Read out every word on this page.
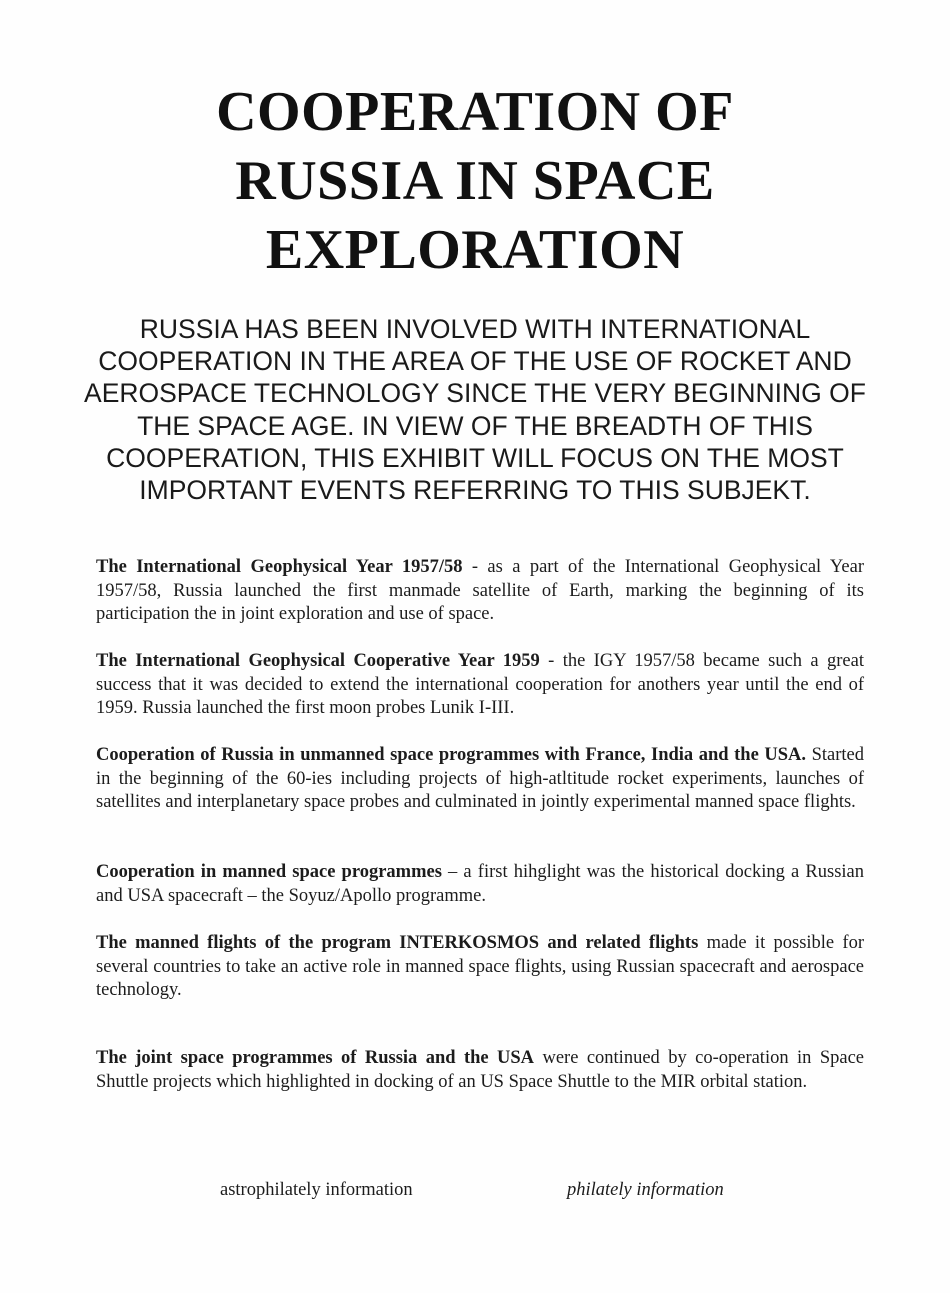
COOPERATION OF
RUSSIA IN SPACE
EXPLORATION

RUSSIA HAS BEEN INVOLVED WITH INTERNATIONAL COOPERATION IN THE AREA OF THE USE OF ROCKET AND AEROSPACE TECHNOLOGY SINCE THE VERY BEGINNING OF THE SPACE AGE. IN VIEW OF THE BREADTH OF THIS COOPERATION, THIS EXHIBIT WILL FOCUS ON THE MOST IMPORTANT EVENTS REFERRING TO THIS SUBJEKT.

The International Geophysical Year 1957/58 - as a part of the International Geophysical Year 1957/58, Russia launched the first manmade satellite of Earth, marking the beginning of its participation the in joint exploration and use of space.

The International Geophysical Cooperative Year 1959 - the IGY 1957/58 became such a great success that it was decided to extend the international cooperation for anothers year until the end of 1959. Russia launched the first moon probes Lunik I-III.

Cooperation of Russia in unmanned space programmes with France, India and the USA. Started in the beginning of the 60-ies including projects of high-atltitude rocket experiments, launches of satellites and interplanetary space probes and culminated in jointly experimental manned space flights.

Cooperation in manned space programmes – a first hihglight was the historical docking a Russian and USA spacecraft – the Soyuz/Apollo programme.

The manned flights of the program INTERKOSMOS and related flights made it possible for several countries to take an active role in manned space flights, using Russian spacecraft and aerospace technology.

The joint space programmes of Russia and the USA were continued by co-operation in Space Shuttle projects which highlighted in docking of an US Space Shuttle to the MIR orbital station.

astrophilately information	philately information
